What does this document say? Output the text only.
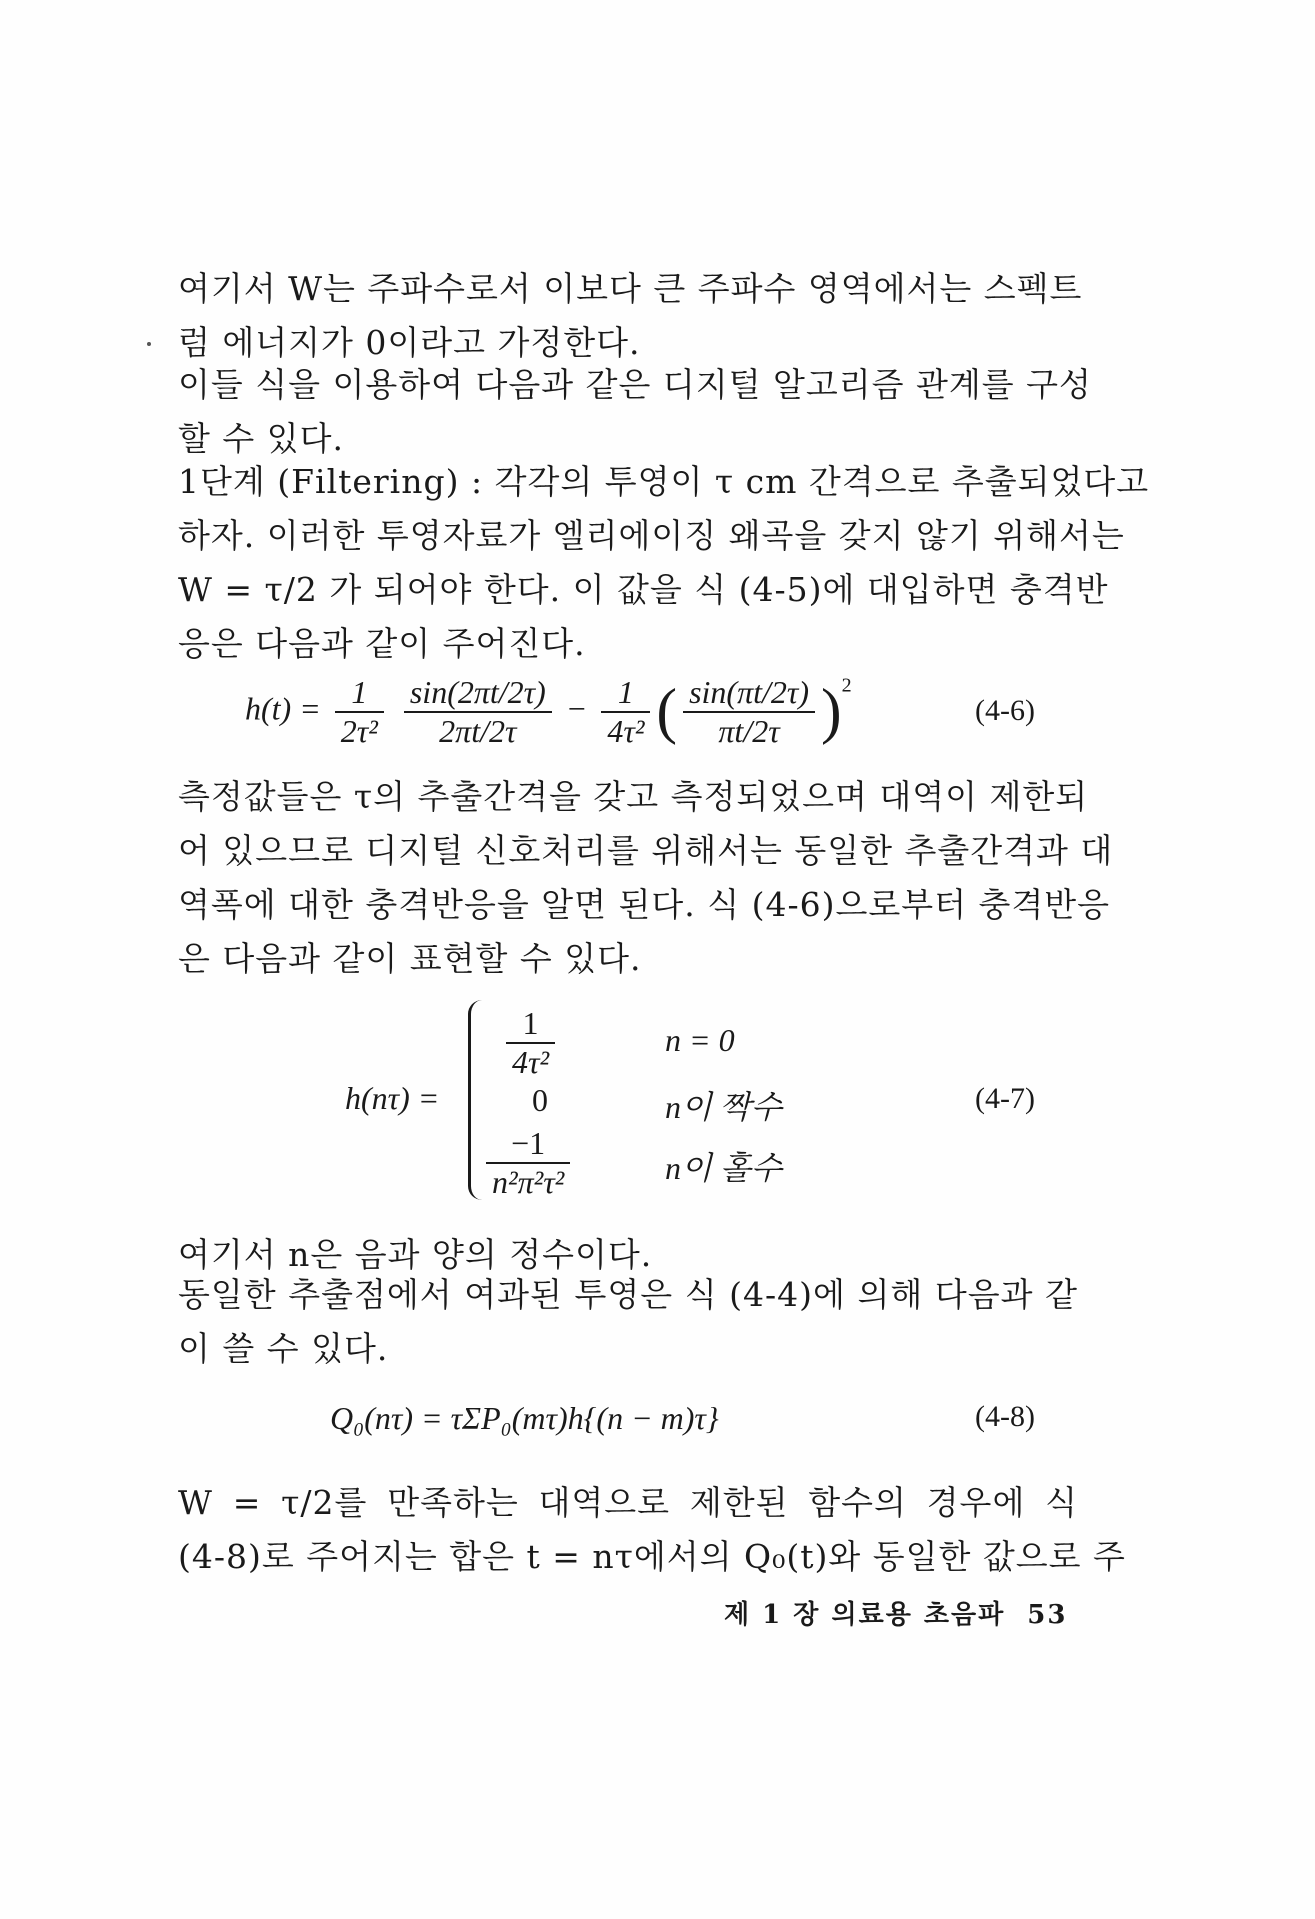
여기서 W는 주파수로서 이보다 큰 주파수 영역에서는 스펙트
럼 에너지가 0이라고 가정한다.
이들 식을 이용하여 다음과 같은 디지털 알고리즘 관계를 구성
할 수 있다.
1단계 (Filtering) : 각각의 투영이 τ cm 간격으로 추출되었다고
하자. 이러한 투영자료가 엘리에이징 왜곡을 갖지 않기 위해서는
W = τ/2 가 되어야 한다. 이 값을 식 (4-5)에 대입하면 충격반
응은 다음과 같이 주어진다.
$h(t) = \frac{1}{\text{2τ²}}$
$\frac{\sin(2\pi t/2\tau)}{2\pi t/2\tau} - \frac{1}{\text{4τ²}}$ ( $\frac{\sin(\pi t/2\tau)}{\pi t/2\tau} )^2$
(4-6)
측정값들은 τ의 추출간격을 갖고 측정되었으며 대역이 제한되
어 있으므로 디지털 신호처리를 위해서는 동일한 추출간격과 대
역폭에 대한 충격반응을 알면 된다. 식 (4-6)으로부터 충격반응
은 다음과 같이 표현할 수 있다.
h(nτ) =
$\frac{1}{\text{4τ²}}$	n = 0
0	n이 짝수
$\frac{-1}{\text{n²π²τ²}}$	n이 홀수
(4-7)
여기서 n은 음과 양의 정수이다.
동일한 추출점에서 여과된 투영은 식 (4-4)에 의해 다음과 같
이 쓸 수 있다.
Q₀(nτ) = τΣP₀(mτ)h{(n − m)τ}	(4-8)
W = τ/2를 만족하는 대역으로 제한된 함수의 경우에 식
(4-8)로 주어지는 합은 t = nτ에서의 Q₀(t)와 동일한 값으로 주
제 1 장 의료용 초음파 53
